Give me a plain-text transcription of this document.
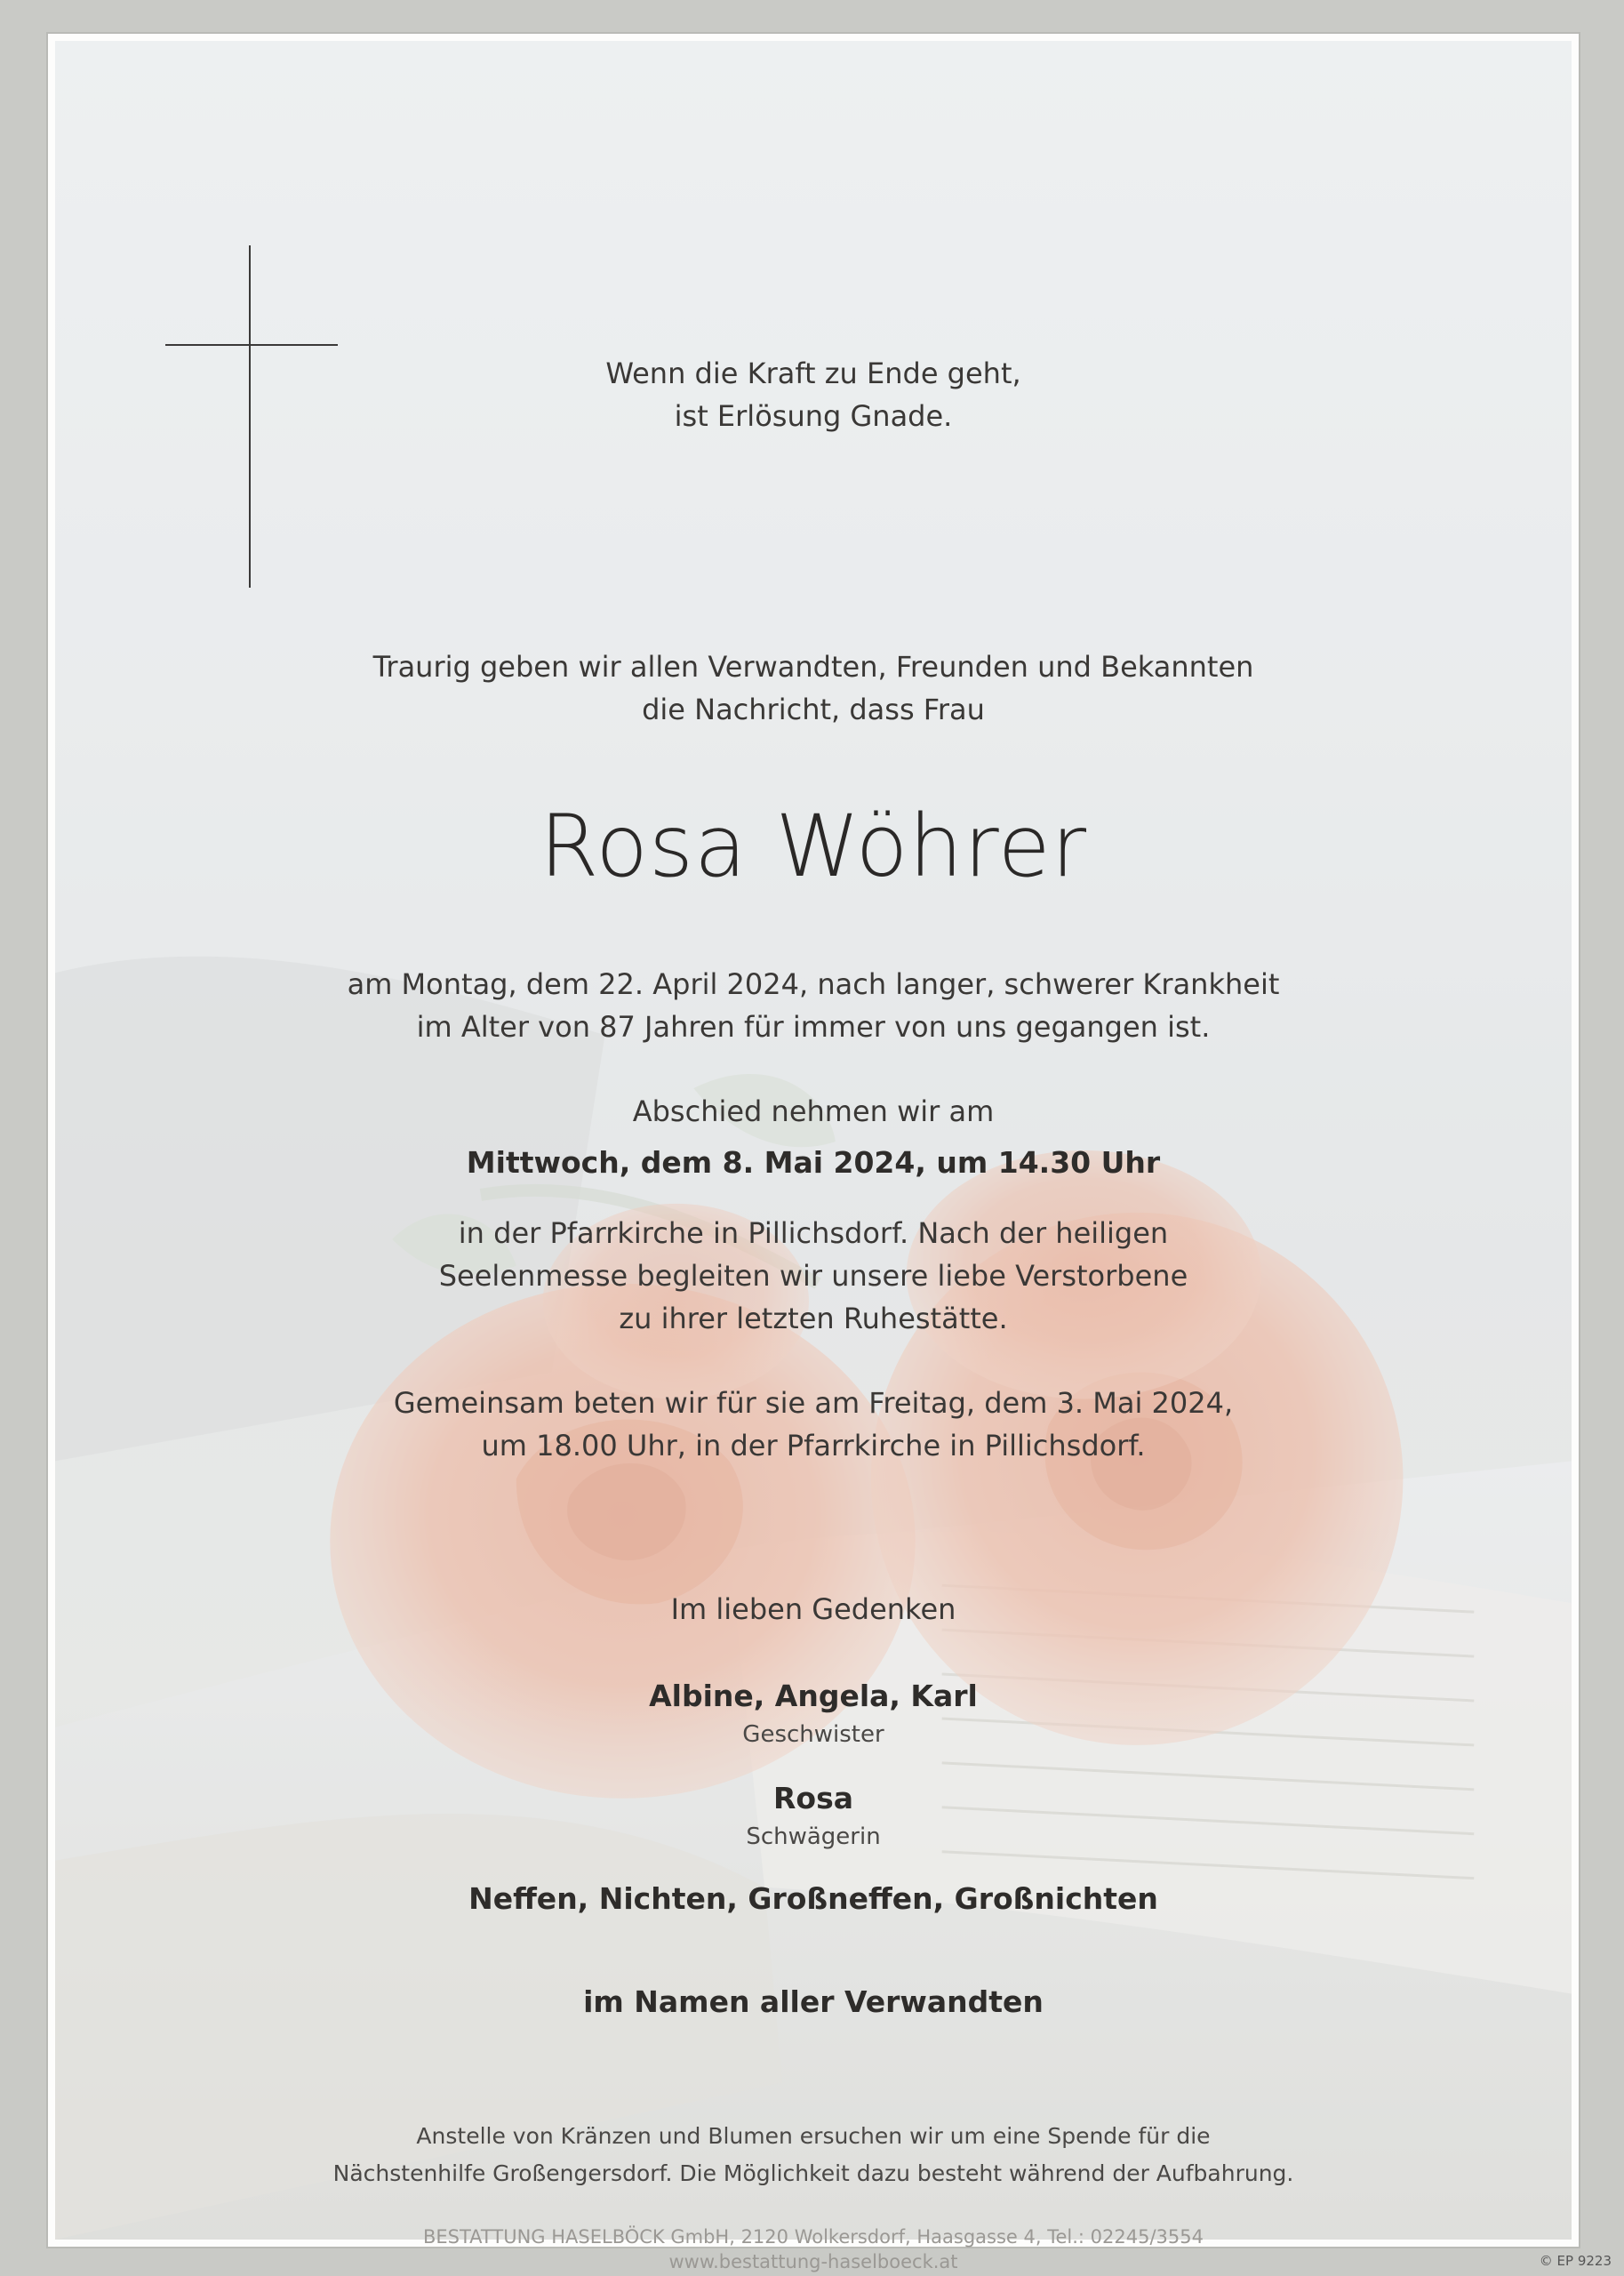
Wenn die Kraft zu Ende geht,
ist Erlösung Gnade.
Traurig geben wir allen Verwandten, Freunden und Bekannten
die Nachricht, dass Frau
Rosa Wöhrer
am Montag, dem 22. April 2024, nach langer, schwerer Krankheit
im Alter von 87 Jahren für immer von uns gegangen ist.
Abschied nehmen wir am
Mittwoch, dem 8. Mai 2024, um 14.30 Uhr
in der Pfarrkirche in Pillichsdorf. Nach der heiligen
Seelenmesse begleiten wir unsere liebe Verstorbene
zu ihrer letzten Ruhestätte.
Gemeinsam beten wir für sie am Freitag, dem 3. Mai 2024,
um 18.00 Uhr, in der Pfarrkirche in Pillichsdorf.
Im lieben Gedenken
Albine, Angela, Karl
Geschwister
Rosa
Schwägerin
Neffen, Nichten, Großneffen, Großnichten
im Namen aller Verwandten
Anstelle von Kränzen und Blumen ersuchen wir um eine Spende für die
Nächstenhilfe Großengersdorf. Die Möglichkeit dazu besteht während der Aufbahrung.
BESTATTUNG HASELBÖCK GmbH, 2120 Wolkersdorf, Haasgasse 4, Tel.: 02245/3554
www.bestattung-haselboeck.at	© EP 9223
